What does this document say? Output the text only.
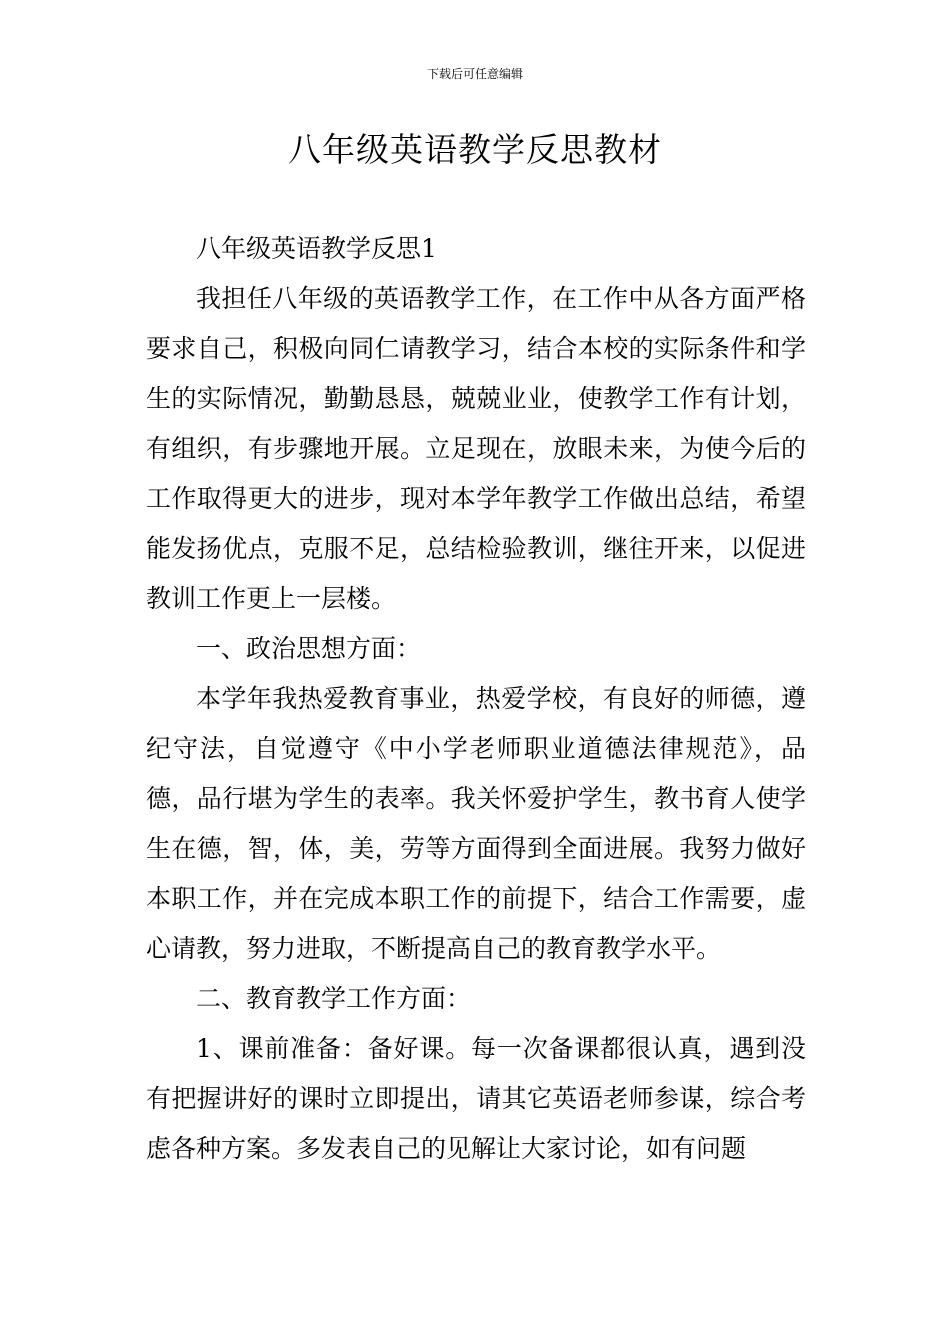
下载后可任意编辑
八年级英语教学反思教材

八年级英语教学反思1

我担任八年级的英语教学工作，在工作中从各方面严格要求自己，积极向同仁请教学习，结合本校的实际条件和学生的实际情况，勤勤恳恳，兢兢业业，使教学工作有计划，有组织，有步骤地开展。立足现在，放眼未来，为使今后的工作取得更大的进步，现对本学年教学工作做出总结，希望能发扬优点，克服不足，总结检验教训，继往开来，以促进教训工作更上一层楼。

一、政治思想方面：

本学年我热爱教育事业，热爱学校，有良好的师德，遵纪守法，自觉遵守《中小学老师职业道德法律规范》，品德，品行堪为学生的表率。我关怀爱护学生，教书育人使学生在德，智，体，美，劳等方面得到全面进展。我努力做好本职工作，并在完成本职工作的前提下，结合工作需要，虚心请教，努力进取，不断提高自己的教育教学水平。

二、教育教学工作方面：

1、课前准备：备好课。每一次备课都很认真，遇到没有把握讲好的课时立即提出，请其它英语老师参谋，综合考虑各种方案。多发表自己的见解让大家讨论，如有问题
